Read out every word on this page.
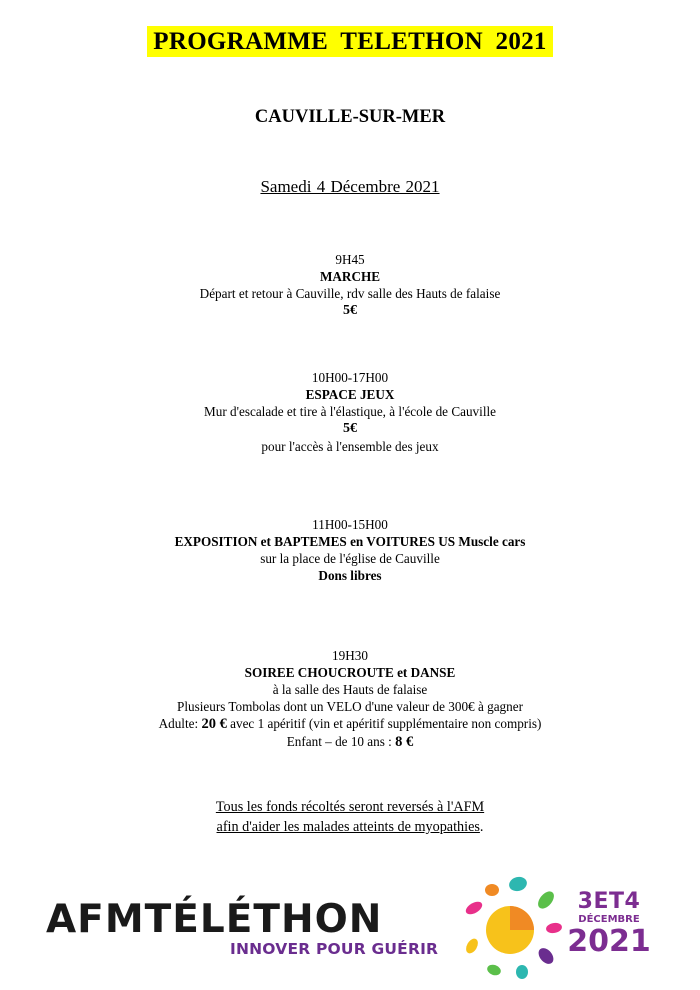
PROGRAMME TELETHON 2021
CAUVILLE-SUR-MER
Samedi 4 Décembre 2021
9H45
MARCHE
Départ et retour à Cauville, rdv salle des Hauts de falaise
5€
10H00-17H00
ESPACE JEUX
Mur d'escalade et tire à l'élastique, à l'école de Cauville
5€
pour l'accès à l'ensemble des jeux
11H00-15H00
EXPOSITION et BAPTEMES en VOITURES US Muscle cars
sur la place de l'église de Cauville
Dons libres
19H30
SOIREE CHOUCROUTE et DANSE
à la salle des Hauts de falaise
Plusieurs Tombolas dont un VELO d'une valeur de 300€ à gagner
Adulte: 20 € avec 1 apéritif (vin et apéritif supplémentaire non compris)
Enfant – de 10 ans : 8 €
Tous les fonds récoltés seront reversés à l'AFM
afin d'aider les malades atteints de myopathies.
AFMTÉLÉTHON
INNOVER POUR GUÉRIR
3ET4
DÉCEMBRE
2021
